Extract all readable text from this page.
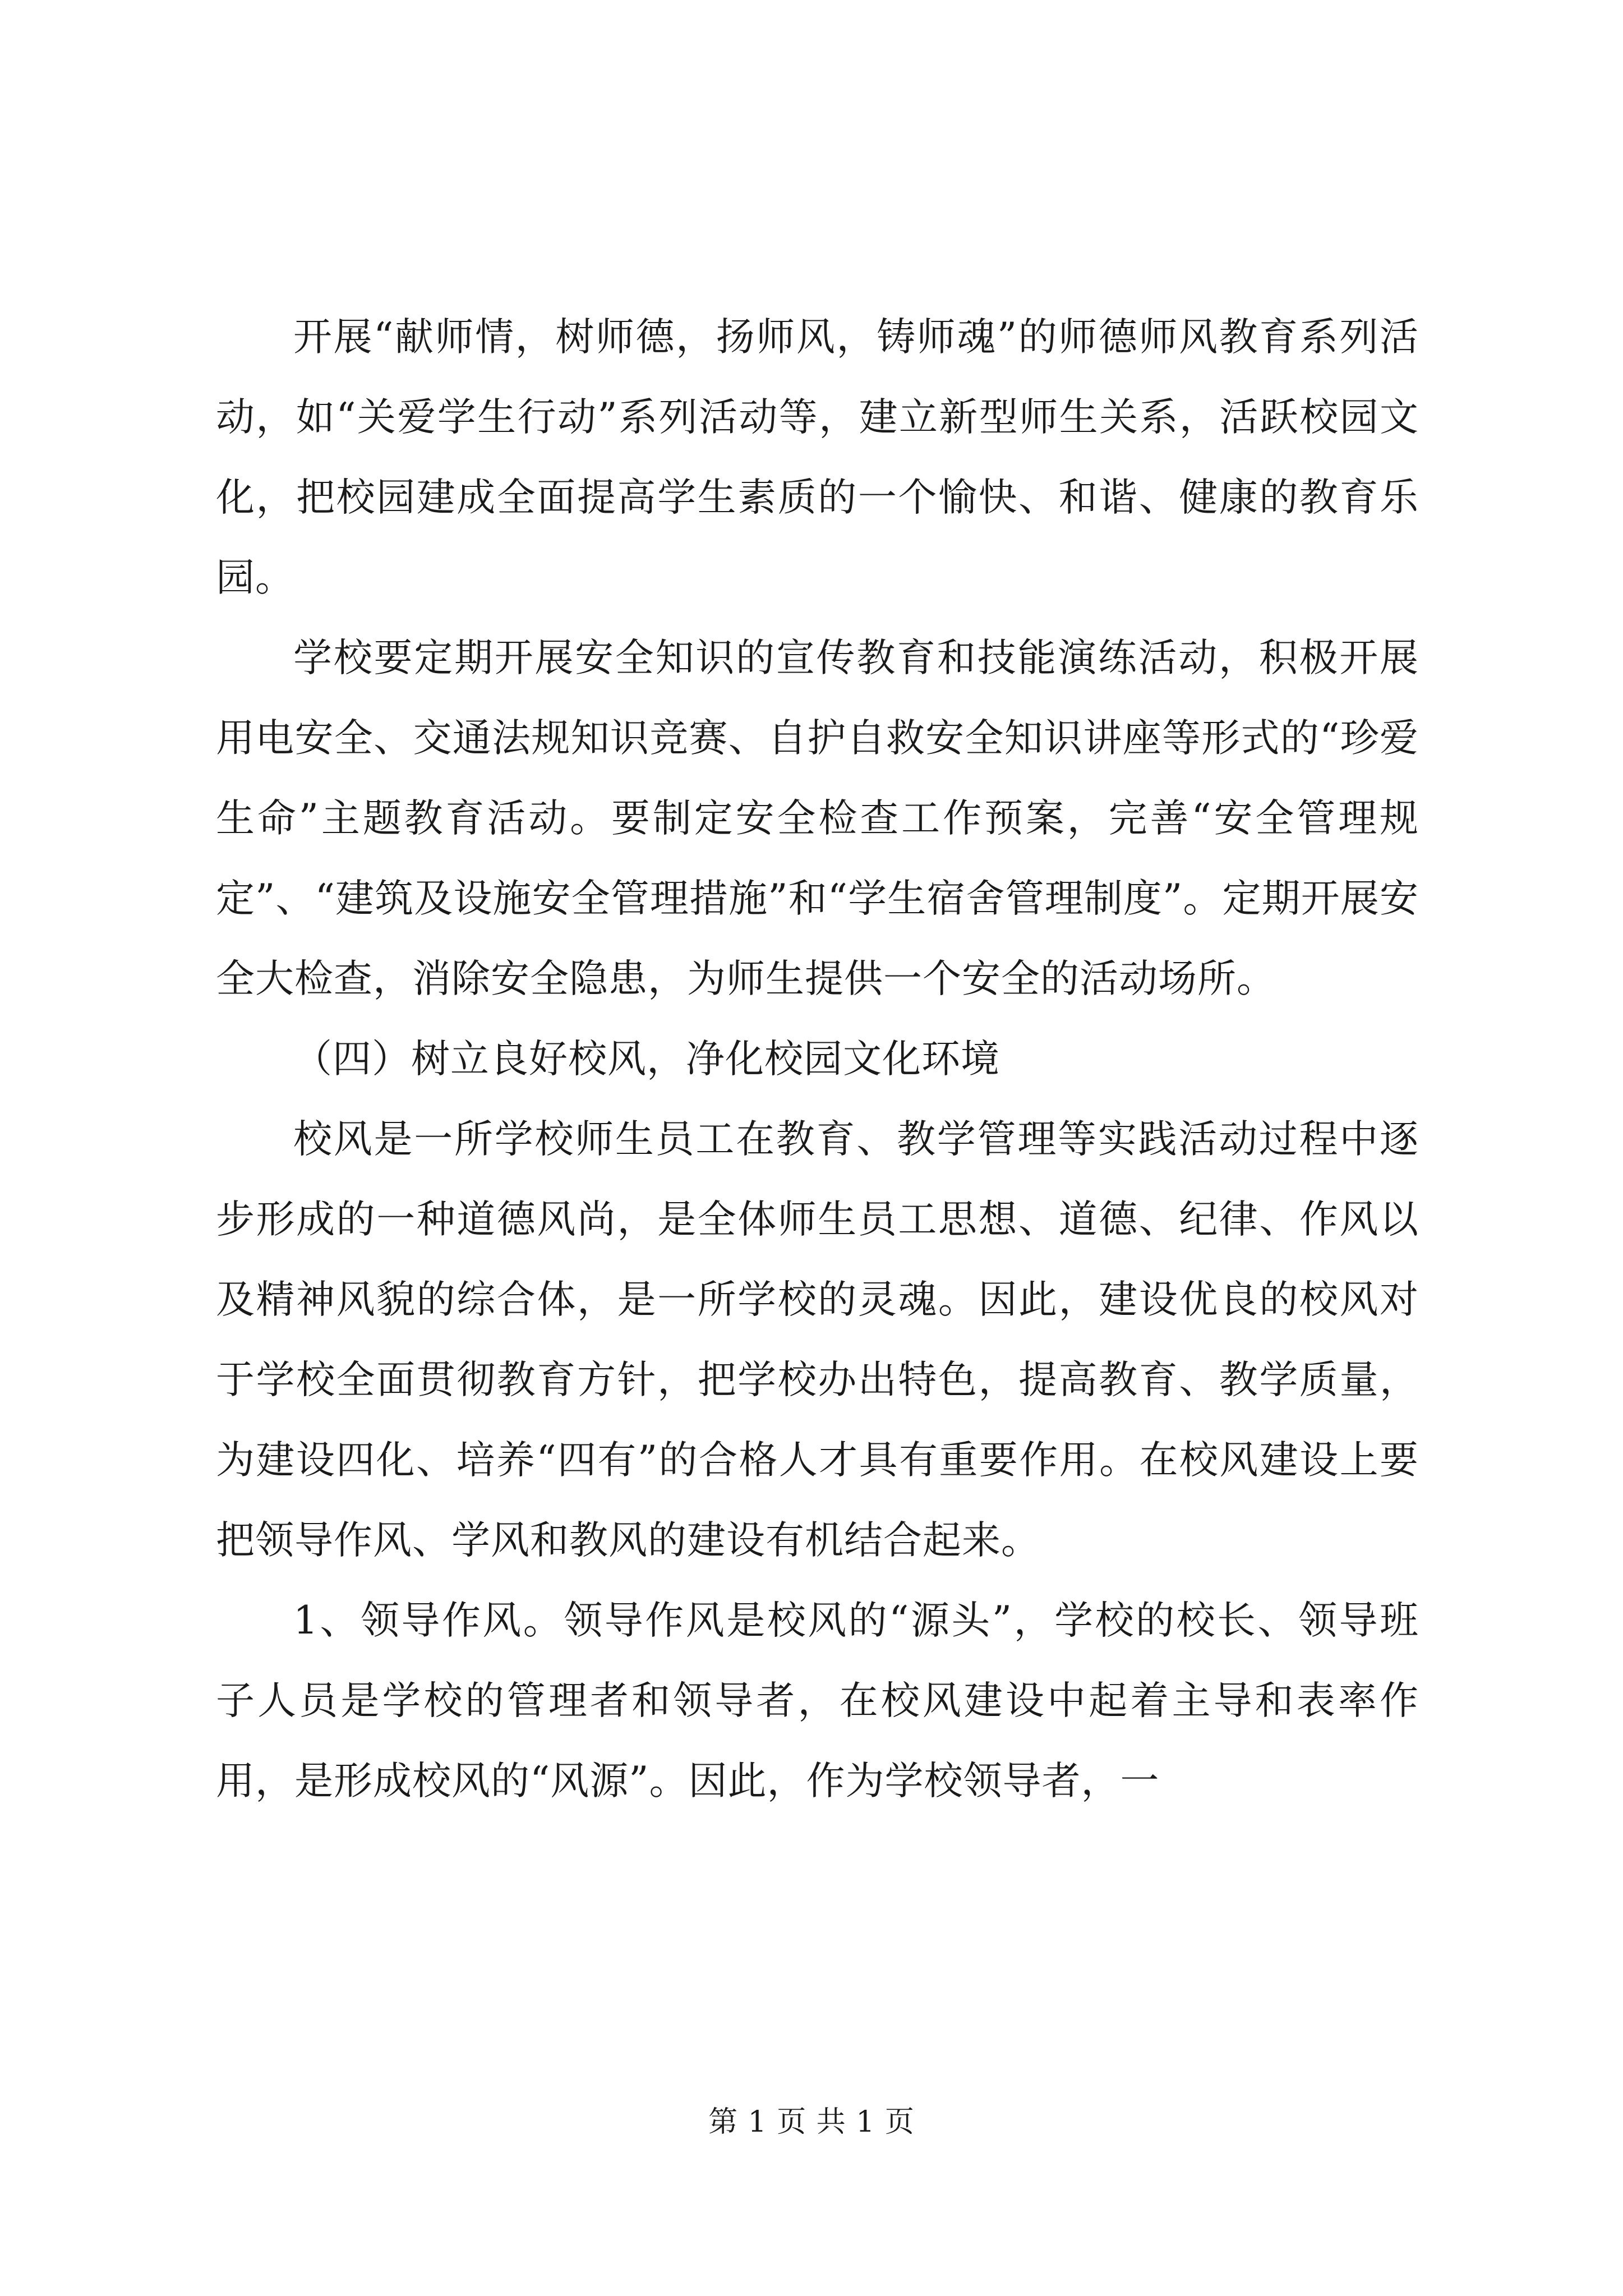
开展“献师情，树师德，扬师风，铸师魂”的师德师风教育系列活动，如“关爱学生行动”系列活动等，建立新型师生关系，活跃校园文化，把校园建成全面提高学生素质的一个愉快、和谐、健康的教育乐园。

学校要定期开展安全知识的宣传教育和技能演练活动，积极开展用电安全、交通法规知识竞赛、自护自救安全知识讲座等形式的“珍爱生命”主题教育活动。要制定安全检查工作预案，完善“安全管理规定”、“建筑及设施安全管理措施”和“学生宿舍管理制度”。定期开展安全大检查，消除安全隐患，为师生提供一个安全的活动场所。

（四）树立良好校风，净化校园文化环境

校风是一所学校师生员工在教育、教学管理等实践活动过程中逐步形成的一种道德风尚，是全体师生员工思想、道德、纪律、作风以及精神风貌的综合体，是一所学校的灵魂。因此，建设优良的校风对于学校全面贯彻教育方针，把学校办出特色，提高教育、教学质量，为建设四化、培养“四有”的合格人才具有重要作用。在校风建设上要把领导作风、学风和教风的建设有机结合起来。

1、领导作风。领导作风是校风的“源头”，学校的校长、领导班子人员是学校的管理者和领导者，在校风建设中起着主导和表率作用，是形成校风的“风源”。因此，作为学校领导者，一

第 1 页 共 1 页
